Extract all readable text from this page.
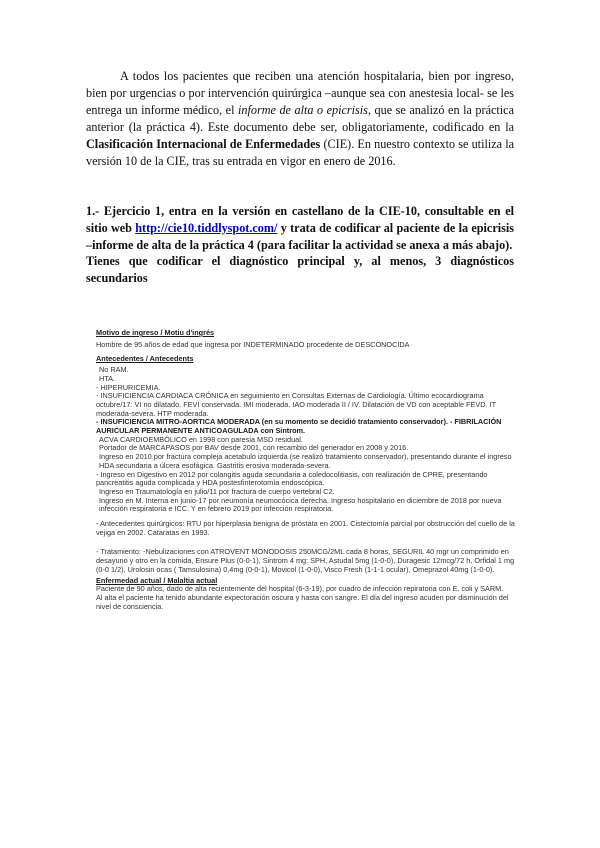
A todos los pacientes que reciben una atención hospitalaria, bien por ingreso, bien por urgencias o por intervención quirúrgica –aunque sea con anestesia local- se les entrega un informe médico, el informe de alta o epicrisis, que se analizó en la práctica anterior (la práctica 4). Este documento debe ser, obligatoriamente, codificado en la Clasificación Internacional de Enfermedades (CIE). En nuestro contexto se utiliza la versión 10 de la CIE, tras su entrada en vigor en enero de 2016.
1.- Ejercicio 1, entra en la versión en castellano de la CIE-10, consultable en el sitio web http://cie10.tiddlyspot.com/ y trata de codificar al paciente de la epicrisis –informe de alta de la práctica 4 (para facilitar la actividad se anexa a más abajo).
Tienes que codificar el diagnóstico principal y, al menos, 3 diagnósticos secundarios
Motivo de ingreso / Motiu d'ingrés
Hombre de 95 años de edad que ingresa por INDETERMINADO procedente de DESCONOCIDA
Antecedentes / Antecedents
No RAM.
HTA.
- HIPERURICEMIA.
- INSUFICIENCIA CARDIACA CRÓNICA en seguimiento en Consultas Externas de Cardiología. Último ecocardiograma octubre/17: VI no dilatado. FEVI conservada. IMI moderada. IAO moderada II / IV. Dilatación de VD con aceptable FEVD. IT moderada-severa. HTP moderada.
- INSUFICIENCIA MITRO-AORTICA MODERADA (en su momento se decidió tratamiento conservador). - FIBRILACIÓN AURICULAR PERMANENTE ANTICOAGULADA con Sintrom.
ACVA CARDIOEMBÓLICO en 1998 con paresia MSD residual.
Portador de MARCAPASOS por BAV desde 2001, con recambio del generador en 2008 y 2016.
Ingreso en 2010 por fractura compleja acetabulo izquierda (se realizó tratamiento conservador), presentando durante el ingreso HDA secundaria a úlcera esofágica. Gastritis erosiva moderada-severa.
- Ingreso en Digestivo en 2012 por colangitis aguda secundaria a coledocolitiasis, con realización de CPRE, presentando pancreatitis aguda complicada y HDA postesfinterotomía endoscópica.
Ingreso en Traumatología en julio/11 por fractura de cuerpo vertebral C2.
Ingreso en M. Interna en junio-17 por neumonía neumocócica derecha. Ingreso hospitalario en diciembre de 2018 por nueva infección respiratoria e ICC. Y en febrero 2019 por infección respiratoria.
- Antecedentes quirúrgicos: RTU por hiperplasia benigna de próstata en 2001. Cistectomía parcial por obstrucción del cuello de la vejiga en 2002. Cataratas en 1993.
- Tratamiento: -Nebulizaciones con ATROVENT MONODOSIS 250MCG/2ML cada 8 horas, SEGURIL 40 mgr un comprimido en desayuno y otro en la comida, Ensure Plus (0-0-1), Sintrom 4 mg: SPH, Astudal 5mg (1-0-0), Duragesic 12mcg/72 h, Orfidal 1 mg (0-0 1/2), Urolosin ocas ( Tamsulosina) 0,4mg (0-0-1), Movicol (1-0-0), Visco Fresh (1-1-1 ocular), Omeprazol 40mg (1-0-0).
Enfermedad actual / Malaltia actual
Paciente de 90 años, dado de alta recientemente del hospital (6-3-19), por cuadro de infección repiratoria con E. coli y SARM.
Al alta el paciente ha tenido abundante expectoración oscura y hasta con sangre. El día del ingreso acuden por disminución del nivel de consciencia.
